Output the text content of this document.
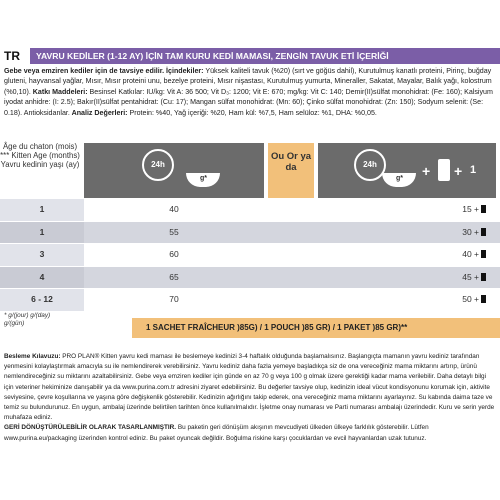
TR	YAVRU KEDİLER (1-12 AY) İÇİN TAM KURU KEDİ MAMASI, ZENGİN TAVUK ETİ İÇERİĞİ
Gebe veya emziren kediler için de tavsiye edilir. İçindekiler: Yüksek kaliteli tavuk (%20) (sırt ve göğüs dahil), Kurutulmuş kanatlı proteini, Pirinç, buğday gluteni, hayvansal yağlar, Mısır, Mısır proteini unu, bezelye proteini, Mısır nişastası, Kurutulmuş yumurta, Mineraller, Sakatat, Mayalar, Balık yağı, kolostrum (%0,10). Katkı Maddeleri: Besinsel Katkılar: IU/kg: Vit A: 36 500; Vit D₃: 1200; Vit E: 670; mg/kg: Vit C: 140; Demir(II)sülfat monohidrat: (Fe: 160); Kalsiyum iyodat anhidre: (I: 2.5); Bakır(II)sülfat pentahidrat: (Cu: 17); Mangan sülfat monohidrat: (Mn: 60); Çinko sülfat monohidrat: (Zn: 150); Sodyum selenit: (Se: 0.18). Antioksidanlar. Analiz Değerleri: Protein: %40, Yağ içeriği: %20, Ham kül: %7,5, Ham selüloz: %1, DHA: %0,05.
Âge du chaton (mois) *** Kitten Age (months) Yavru kedinin yaşı (ay)	24h
g*
Ou Or ya da	24h
g* + + 1
1	40	15 +
1	55	30 +
3	60	40 +
4	65	45 +
6 - 12	70	50 +
* g/(jour) g/(day) g/(gün)	1 SACHET FRAÎCHEUR )85G) / 1 POUCH )85 GR) / 1 PAKET )85 GR)**
Besleme Kılavuzu: PRO PLAN® Kitten yavru kedi maması ile beslemeye kedinizi 3-4 haftalık olduğunda başlamalısınız. Başlangıçta mamanın yavru kediniz tarafından yenmesini kolaylaştırmak amacıyla su ile nemlendirerek verebilirsiniz. Yavru kediniz daha fazla yemeye başladıkça siz de ona vereceğiniz mama miktarını artırıp, ürünü nemlendireceğiniz su miktarını azaltabilirsiniz. Gebe veya emziren kediler için günde en az 70 g veya 100 g olmak üzere gerektiği kadar mama verilebilir. Daha detaylı bilgi için veteriner hekiminize danışabilir ya da www.purina.com.tr adresini ziyaret edebilirsiniz. Bu değerler tavsiye olup, kedinizin ideal vücut kondisyonunu korumak için, aktivite seviyesine, çevre koşullarına ve yaşına göre değişkenlik gösterebilir. Kedinizin ağırlığını takip ederek, ona vereceğiniz mama miktarını ayarlayınız. Su kabında daima taze ve temiz su bulundurunuz. En uygun, ambalaj üzerinde belirtilen tarihten önce kullanılmalıdır. İşletme onay numarası ve Parti numarası ambalajı üzerindedir. Kuru ve serin yerde muhafaza ediniz.
GERİ DÖNÜŞTÜRÜLEBİLİR OLARAK TASARLANMIŞTIR. Bu paketin geri dönüşüm akışının mevcudiyeti ülkeden ülkeye farklılık gösterebilir. Lütfen www.purina.eu/packaging üzerinden kontrol ediniz. Bu paket oyuncak değildir. Boğulma riskine karşı çocuklardan ve evcil hayvanlardan uzak tutunuz.
